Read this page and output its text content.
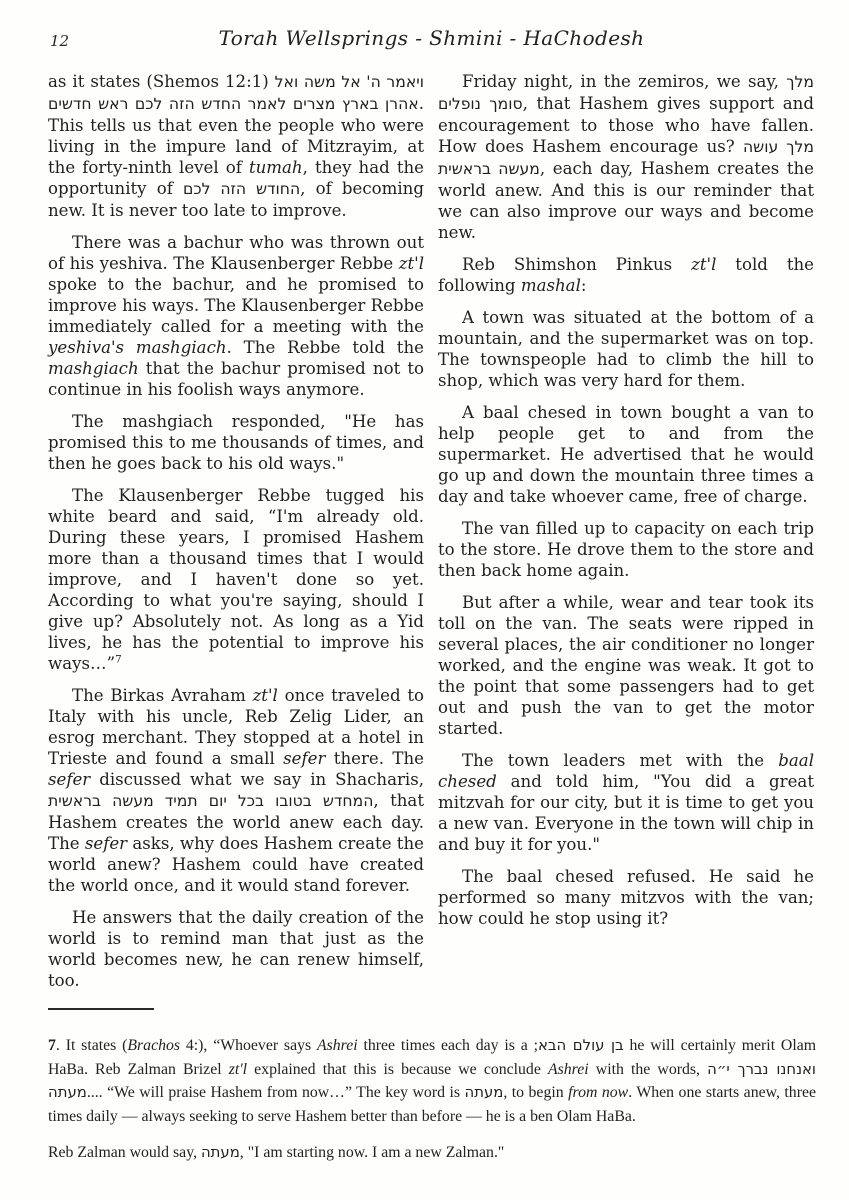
12	Torah Wellsprings - Shmini - HaChodesh

as it states (Shemos 12:1) ויאמר ה' אל משה ואל אהרן בארץ מצרים לאמר החדש הזה לכם ראש חדשים. This tells us that even the people who were living in the impure land of Mitzrayim, at the forty-ninth level of tumah, they had the opportunity of החודש הזה לכם, of becoming new. It is never too late to improve.

There was a bachur who was thrown out of his yeshiva. The Klausenberger Rebbe zt'l spoke to the bachur, and he promised to improve his ways. The Klausenberger Rebbe immediately called for a meeting with the yeshiva's mashgiach. The Rebbe told the mashgiach that the bachur promised not to continue in his foolish ways anymore.

The mashgiach responded, "He has promised this to me thousands of times, and then he goes back to his old ways."

The Klausenberger Rebbe tugged his white beard and said, “I'm already old. During these years, I promised Hashem more than a thousand times that I would improve, and I haven't done so yet. According to what you're saying, should I give up? Absolutely not. As long as a Yid lives, he has the potential to improve his ways…”$^7$

The Birkas Avraham zt'l once traveled to Italy with his uncle, Reb Zelig Lider, an esrog merchant. They stopped at a hotel in Trieste and found a small sefer there. The sefer discussed what we say in Shacharis, המחדש בטובו בכל יום תמיד מעשה בראשית, that Hashem creates the world anew each day. The sefer asks, why does Hashem create the world anew? Hashem could have created the world once, and it would stand forever.

He answers that the daily creation of the world is to remind man that just as the world becomes new, he can renew himself, too.

Friday night, in the zemiros, we say, מלך סומך נופלים, that Hashem gives support and encouragement to those who have fallen. How does Hashem encourage us? מלך עושה מעשה בראשית, each day, Hashem creates the world anew. And this is our reminder that we can also improve our ways and become new.

Reb Shimshon Pinkus zt'l told the following mashal:

A town was situated at the bottom of a mountain, and the supermarket was on top. The townspeople had to climb the hill to shop, which was very hard for them.

A baal chesed in town bought a van to help people get to and from the supermarket. He advertised that he would go up and down the mountain three times a day and take whoever came, free of charge.

The van filled up to capacity on each trip to the store. He drove them to the store and then back home again.

But after a while, wear and tear took its toll on the van. The seats were ripped in several places, the air conditioner no longer worked, and the engine was weak. It got to the point that some passengers had to get out and push the van to get the motor started.

The town leaders met with the baal chesed and told him, "You did a great mitzvah for our city, but it is time to get you a new van. Everyone in the town will chip in and buy it for you."

The baal chesed refused. He said he performed so many mitzvos with the van; how could he stop using it?

7. It states (Brachos 4:), “Whoever says Ashrei three times each day is a ;בן עולם הבא he will certainly merit Olam HaBa. Reb Zalman Brizel zt'l explained that this is because we conclude Ashrei with the words, ואנחנו נברך י״ה מעתה.... “We will praise Hashem from now…” The key word is מעתה, to begin from now. When one starts anew, three times daily — always seeking to serve Hashem better than before — he is a ben Olam HaBa.

Reb Zalman would say, מעתה, "I am starting now. I am a new Zalman."
